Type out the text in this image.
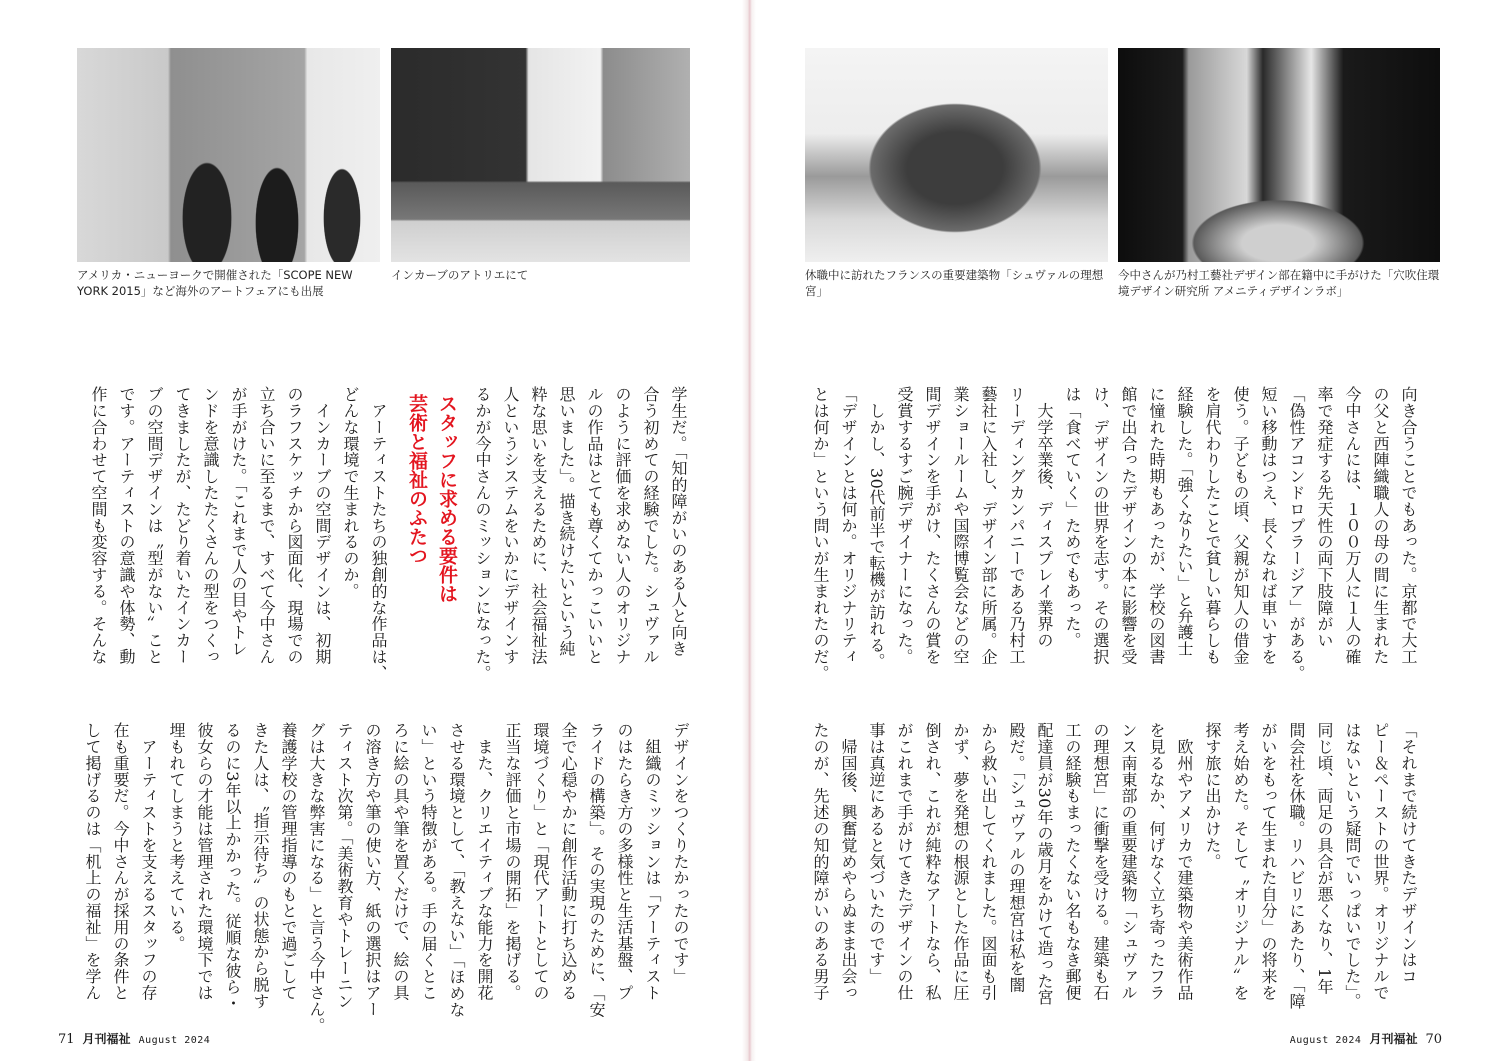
アメリカ・ニューヨークで開催された「SCOPE NEW YORK 2015」など海外のアートフェアにも出展
インカーブのアトリエにて	休職中に訪れたフランスの重要建築物「シュヴァルの理想宮」
今中さんが乃村工藝社デザイン部在籍中に手がけた「穴吹住環境デザイン研究所 アメニティデザインラボ」
学生だ。「知的障がいのある人と向き
合う初めての経験でした。シュヴァル
のように評価を求めない人のオリジナ
ルの作品はとても尊くてかっこいいと
思いました」。描き続けたいという純
粋な思いを支えるために、社会福祉法
人というシステムをいかにデザインす
るかが今中さんのミッションになった。
スタッフに求める要件は
芸術と福祉のふたつ
　アーティストたちの独創的な作品は、
どんな環境で生まれるのか。
　インカーブの空間デザインは、初期
のラフスケッチから図面化、現場での
立ち合いに至るまで、すべて今中さん
が手がけた。「これまで人の目やトレ
ンドを意識したたくさんの型をつくっ
てきましたが、たどり着いたインカー
ブの空間デザインは〝型がない〟こと
です。アーティストの意識や体勢、動
作に合わせて空間も変容する。そんな
デザインをつくりたかったのです」
　組織のミッションは「アーティスト
のはたらき方の多様性と生活基盤、プ
ライドの構築」。その実現のために、「安
全で心穏やかに創作活動に打ち込める
環境づくり」と「現代アートとしての
正当な評価と市場の開拓」を掲げる。
　また、クリエイティブな能力を開花
させる環境として、「教えない」「ほめな
い」という特徴がある。手の届くとこ
ろに絵の具や筆を置くだけで、絵の具
の溶き方や筆の使い方、紙の選択はアー
ティスト次第。「美術教育やトレーニン
グは大きな弊害になる」と言う今中さん。
養護学校の管理指導のもとで過ごして
きた人は、〝指示待ち〟の状態から脱す
るのに3年以上かかった。従順な彼ら・
彼女らの才能は管理された環境下では
埋もれてしまうと考えている。
　アーティストを支えるスタッフの存
在も重要だ。今中さんが採用の条件と
して掲げるのは「机上の福祉」を学ん
向き合うことでもあった。京都で大工
の父と西陣織職人の母の間に生まれた
今中さんには、１００万人に１人の確
率で発症する先天性の両下肢障がい
「偽性アコンドロプラージア」がある。
短い移動はつえ、長くなれば車いすを
使う。子どもの頃、父親が知人の借金
を肩代わりしたことで貧しい暮らしも
経験した。「強くなりたい」と弁護士
に憧れた時期もあったが、学校の図書
館で出合ったデザインの本に影響を受
け、デザインの世界を志す。その選択
は「食べていく」ためでもあった。
　大学卒業後、ディスプレイ業界の
リーディングカンパニーである乃村工
藝社に入社し、デザイン部に所属。企
業ショールームや国際博覧会などの空
間デザインを手がけ、たくさんの賞を
受賞するすご腕デザイナーになった。
　しかし、30代前半で転機が訪れる。
「デザインとは何か。オリジナリティ
とは何か」という問いが生まれたのだ。
「それまで続けてきたデザインはコ
ピー＆ペーストの世界。オリジナルで
はないという疑問でいっぱいでした」。
同じ頃、両足の具合が悪くなり、1年
間会社を休職。リハビリにあたり、「障
がいをもって生まれた自分」の将来を
考え始めた。そして〝オリジナル〟を
探す旅に出かけた。
　欧州やアメリカで建築物や美術作品
を見るなか、何げなく立ち寄ったフラ
ンス南東部の重要建築物「シュヴァル
の理想宮」に衝撃を受ける。建築も石
工の経験もまったくない名もなき郵便
配達員が30年の歳月をかけて造った宮
殿だ。「シュヴァルの理想宮は私を闇
から救い出してくれました。図面も引
かず、夢を発想の根源とした作品に圧
倒され、これが純粋なアートなら、私
がこれまで手がけてきたデザインの仕
事は真逆にあると気づいたのです」
　帰国後、興奮覚めやらぬまま出会っ
たのが、先述の知的障がいのある男子
71 月刊福祉 August 2024	August 2024 月刊福祉 70
